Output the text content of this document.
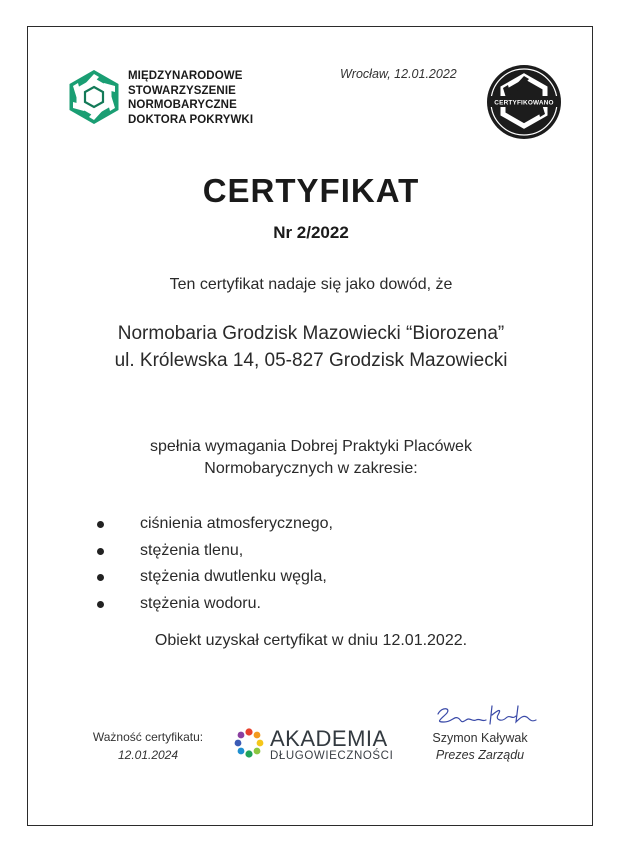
MIĘDZYNARODOWE
STOWARZYSZENIE
NORMOBARYCZNE
DOKTORA POKRYWKI
Wrocław, 12.01.2022
CERTYFIKOWANO
CERTYFIKAT
Nr 2/2022
Ten certyfikat nadaje się jako dowód, że
Normobaria Grodzisk Mazowiecki “Biorozena”
ul. Królewska 14, 05-827 Grodzisk Mazowiecki
spełnia wymagania Dobrej Praktyki Placówek
Normobarycznych w zakresie:
ciśnienia atmosferycznego,
stężenia tlenu,
stężenia dwutlenku węgla,
stężenia wodoru.
Obiekt uzyskał certyfikat w dniu 12.01.2022.
Ważność certyfikatu:
12.01.2024
AKADEMIA
DŁUGOWIECZNOŚCI
Szymon Kaływak
Prezes Zarządu
